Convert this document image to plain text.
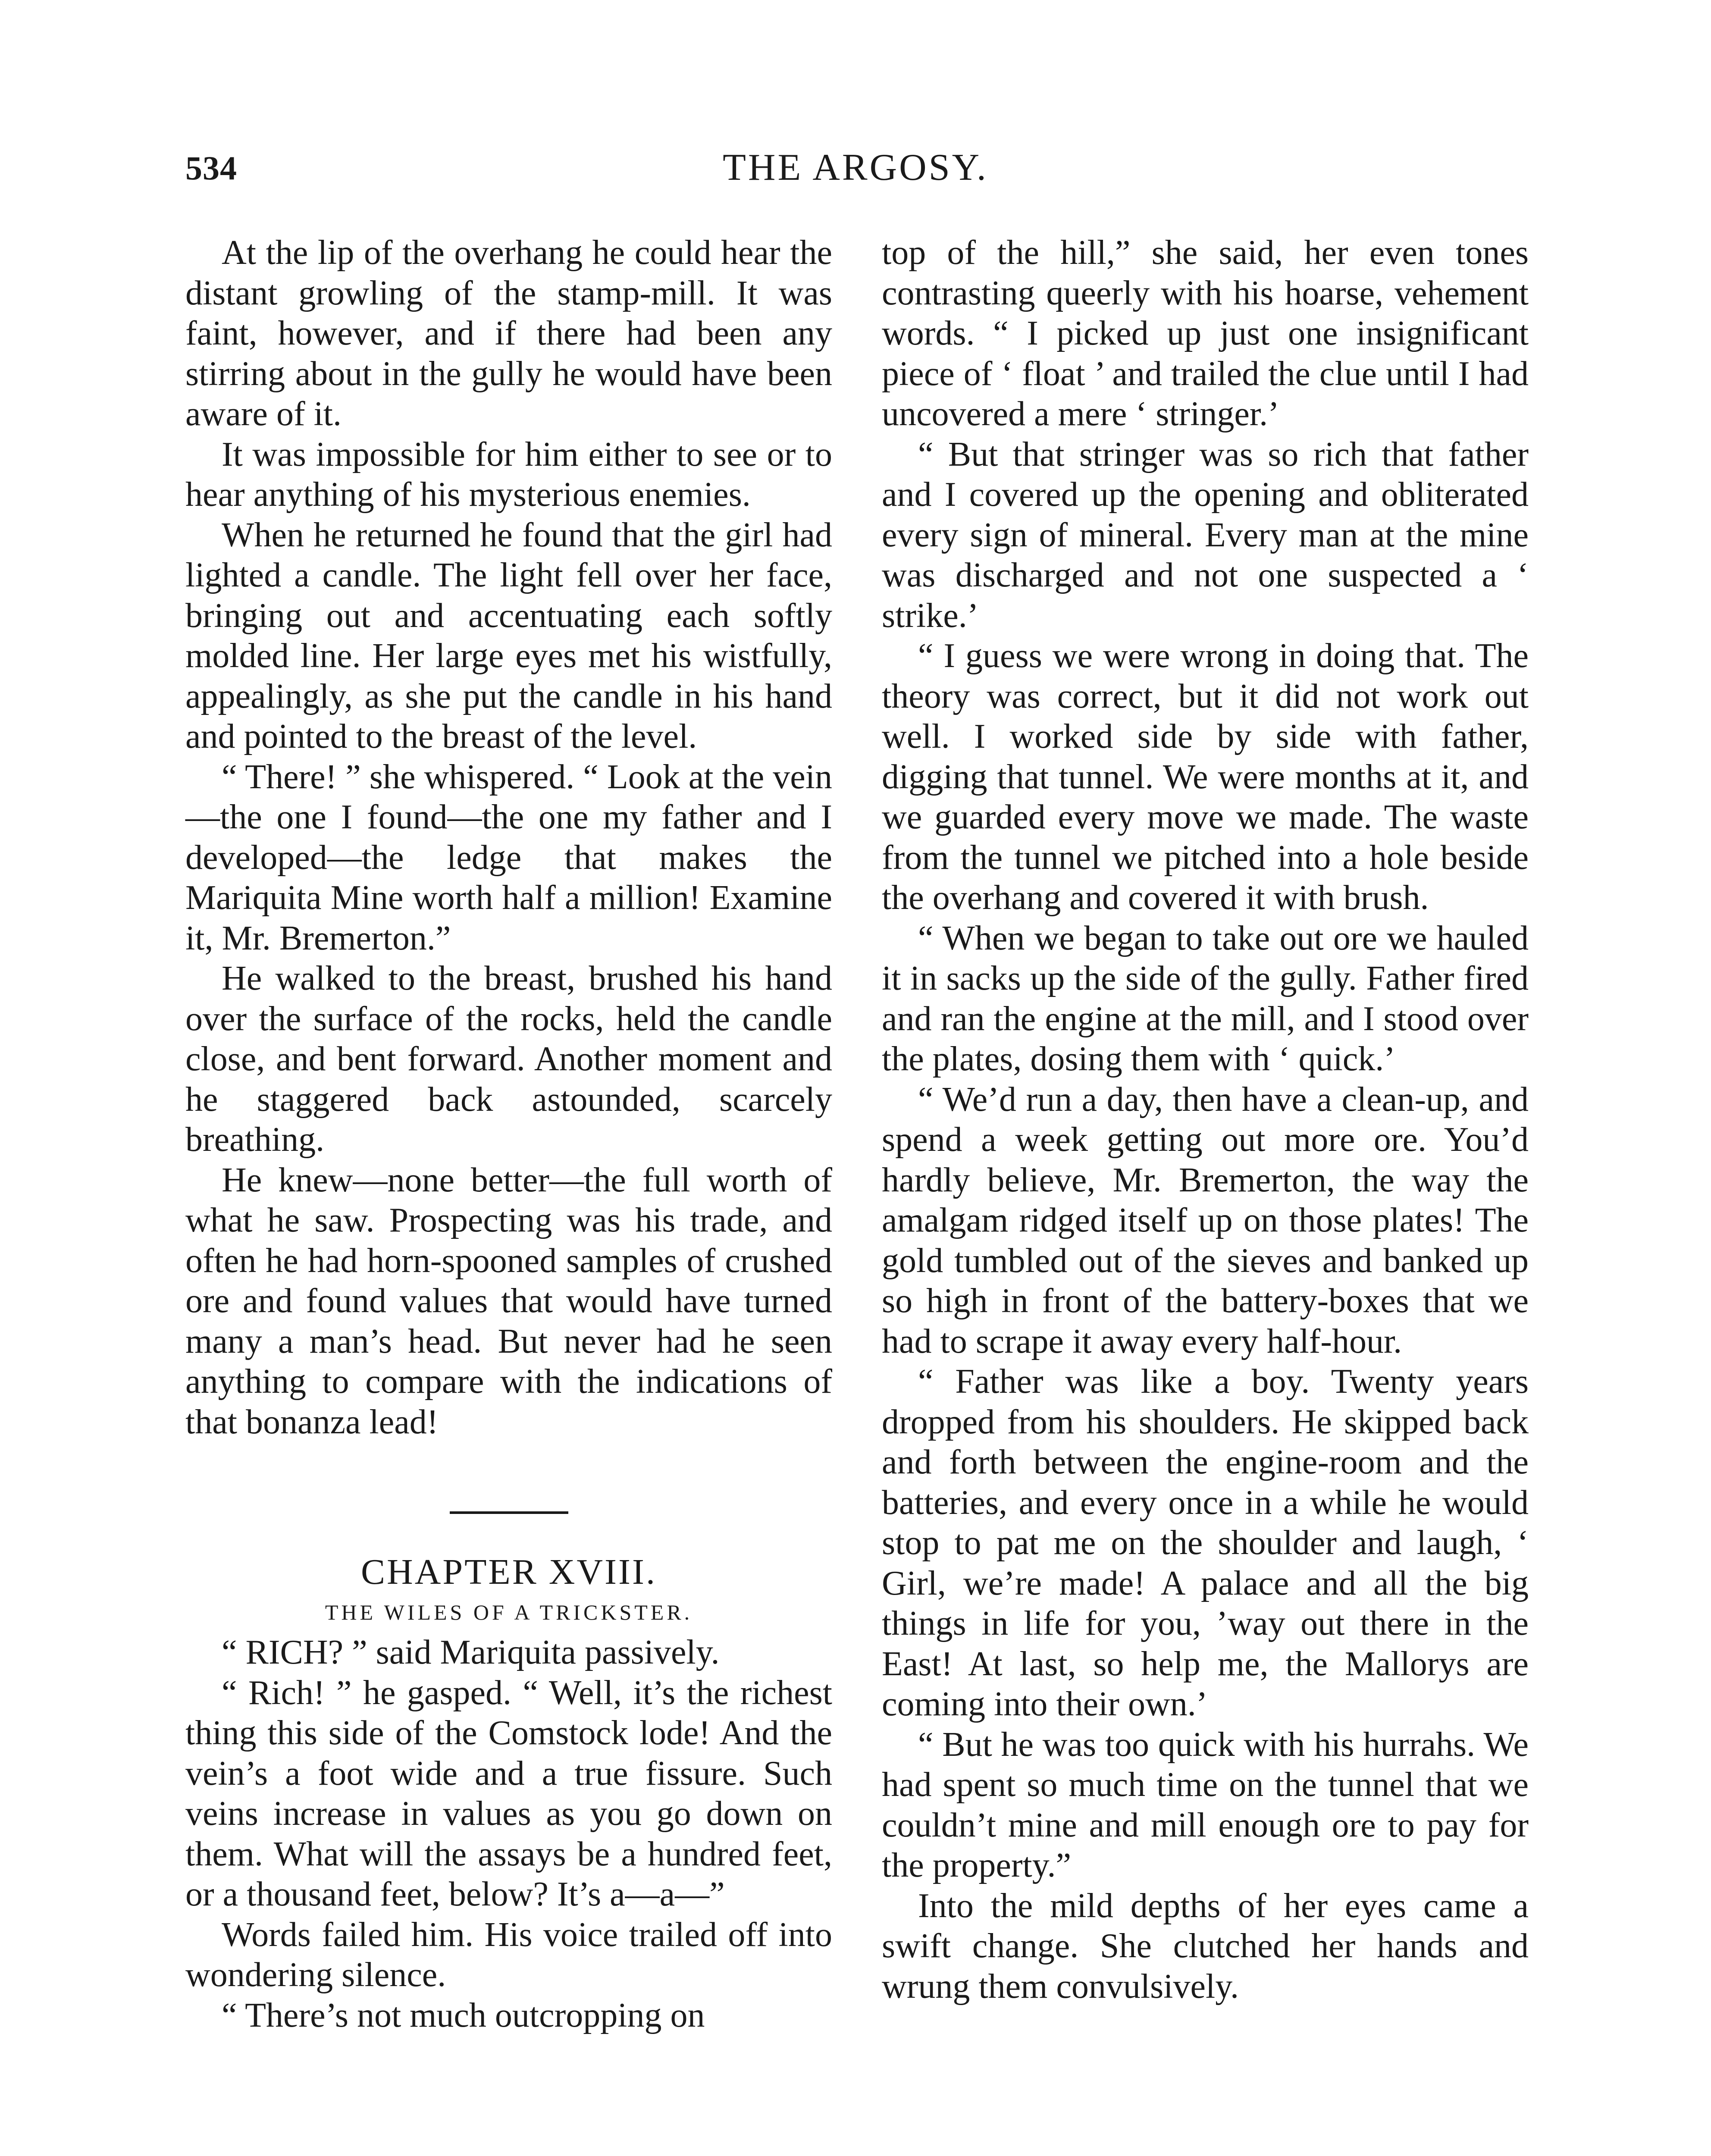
534	THE ARGOSY.

At the lip of the overhang he could hear the distant growling of the stamp-mill. It was faint, however, and if there had been any stirring about in the gully he would have been aware of it.

It was impossible for him either to see or to hear anything of his mysterious enemies.

When he returned he found that the girl had lighted a candle. The light fell over her face, bringing out and accentuating each softly molded line. Her large eyes met his wistfully, appealingly, as she put the candle in his hand and pointed to the breast of the level.

“ There! ” she whispered. “ Look at the vein—the one I found—the one my father and I developed—the ledge that makes the Mariquita Mine worth half a million! Examine it, Mr. Bremerton.”

He walked to the breast, brushed his hand over the surface of the rocks, held the candle close, and bent forward. Another moment and he staggered back astounded, scarcely breathing.

He knew—none better—the full worth of what he saw. Prospecting was his trade, and often he had horn-spooned samples of crushed ore and found values that would have turned many a man’s head. But never had he seen anything to compare with the indications of that bonanza lead!

CHAPTER XVIII.

THE WILES OF A TRICKSTER.

“ RICH? ” said Mariquita passively.

“ Rich! ” he gasped. “ Well, it’s the richest thing this side of the Comstock lode! And the vein’s a foot wide and a true fissure. Such veins increase in values as you go down on them. What will the assays be a hundred feet, or a thousand feet, below? It’s a—a—”

Words failed him. His voice trailed off into wondering silence.

“ There’s not much outcropping on

top of the hill,” she said, her even tones contrasting queerly with his hoarse, vehement words. “ I picked up just one insignificant piece of ‘ float ’ and trailed the clue until I had uncovered a mere ‘ stringer.’

“ But that stringer was so rich that father and I covered up the opening and obliterated every sign of mineral. Every man at the mine was discharged and not one suspected a ‘ strike.’

“ I guess we were wrong in doing that. The theory was correct, but it did not work out well. I worked side by side with father, digging that tunnel. We were months at it, and we guarded every move we made. The waste from the tunnel we pitched into a hole beside the overhang and covered it with brush.

“ When we began to take out ore we hauled it in sacks up the side of the gully. Father fired and ran the engine at the mill, and I stood over the plates, dosing them with ‘ quick.’

“ We’d run a day, then have a clean-up, and spend a week getting out more ore. You’d hardly believe, Mr. Bremerton, the way the amalgam ridged itself up on those plates! The gold tumbled out of the sieves and banked up so high in front of the battery-boxes that we had to scrape it away every half-hour.

“ Father was like a boy. Twenty years dropped from his shoulders. He skipped back and forth between the engine-room and the batteries, and every once in a while he would stop to pat me on the shoulder and laugh, ‘ Girl, we’re made! A palace and all the big things in life for you, ’way out there in the East! At last, so help me, the Mallorys are coming into their own.’

“ But he was too quick with his hurrahs. We had spent so much time on the tunnel that we couldn’t mine and mill enough ore to pay for the property.”

Into the mild depths of her eyes came a swift change. She clutched her hands and wrung them convulsively.
